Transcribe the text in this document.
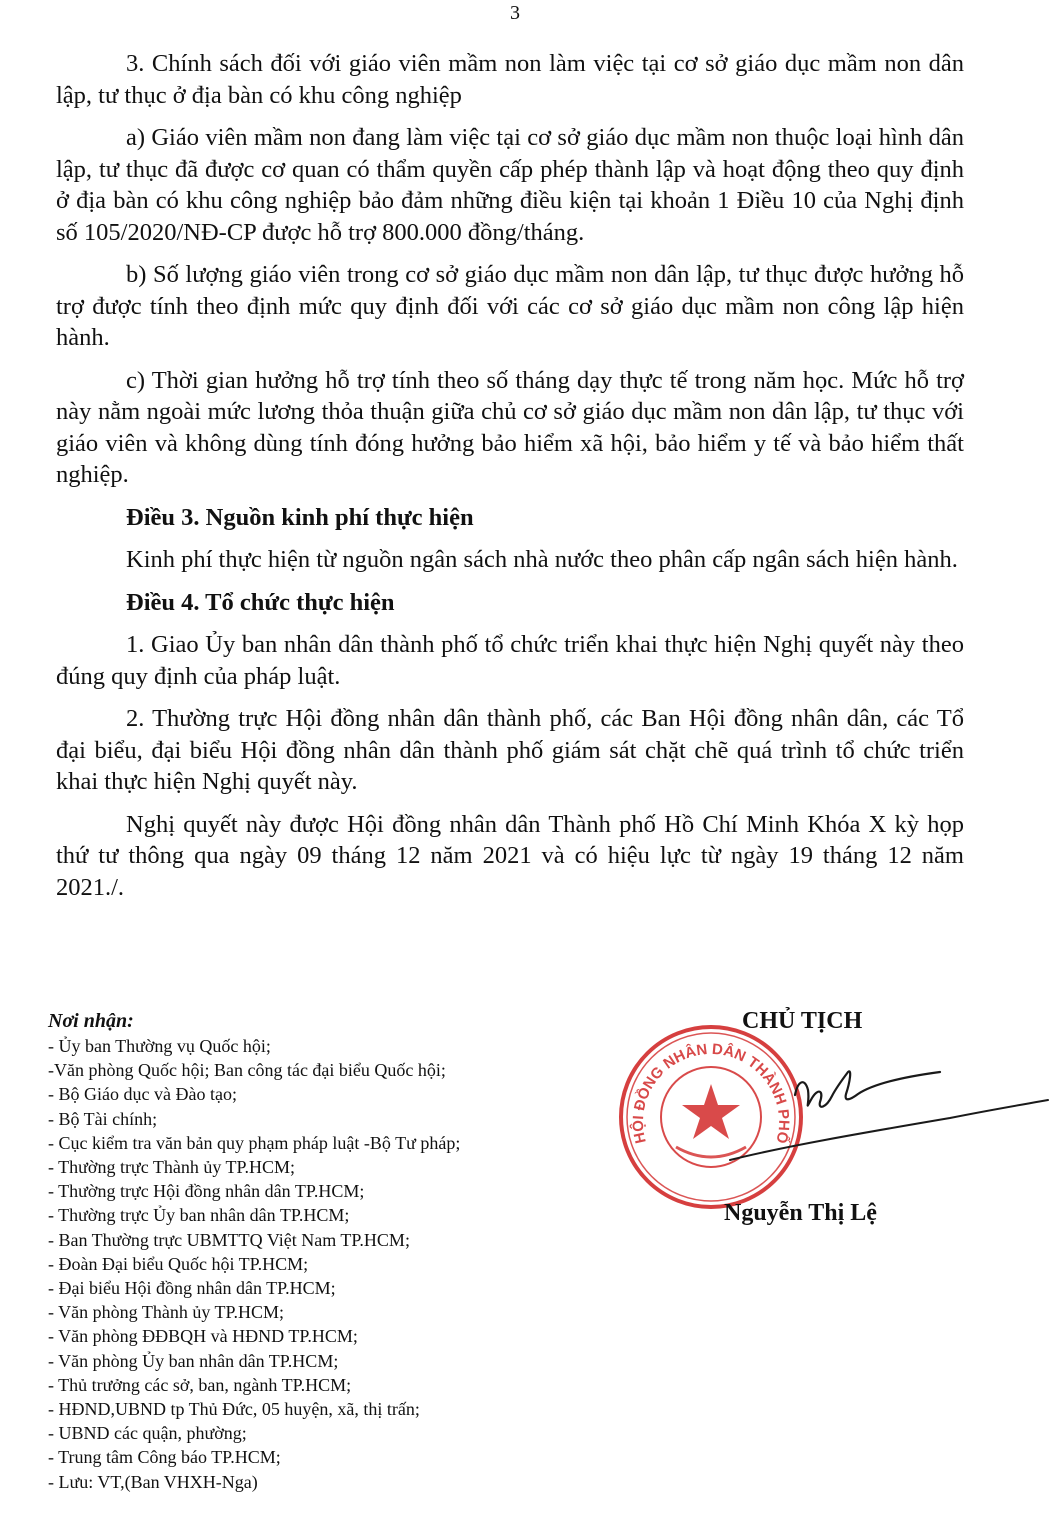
3

3. Chính sách đối với giáo viên mầm non làm việc tại cơ sở giáo dục mầm non dân lập, tư thục ở địa bàn có khu công nghiệp

a) Giáo viên mầm non đang làm việc tại cơ sở giáo dục mầm non thuộc loại hình dân lập, tư thục đã được cơ quan có thẩm quyền cấp phép thành lập và hoạt động theo quy định ở địa bàn có khu công nghiệp bảo đảm những điều kiện tại khoản 1 Điều 10 của Nghị định số 105/2020/NĐ-CP được hỗ trợ 800.000 đồng/tháng.

b) Số lượng giáo viên trong cơ sở giáo dục mầm non dân lập, tư thục được hưởng hỗ trợ được tính theo định mức quy định đối với các cơ sở giáo dục mầm non công lập hiện hành.

c) Thời gian hưởng hỗ trợ tính theo số tháng dạy thực tế trong năm học. Mức hỗ trợ này nằm ngoài mức lương thỏa thuận giữa chủ cơ sở giáo dục mầm non dân lập, tư thục với giáo viên và không dùng tính đóng hưởng bảo hiểm xã hội, bảo hiểm y tế và bảo hiểm thất nghiệp.

Điều 3. Nguồn kinh phí thực hiện

Kinh phí thực hiện từ nguồn ngân sách nhà nước theo phân cấp ngân sách hiện hành.

Điều 4. Tổ chức thực hiện

1. Giao Ủy ban nhân dân thành phố tổ chức triển khai thực hiện Nghị quyết này theo đúng quy định của pháp luật.

2. Thường trực Hội đồng nhân dân thành phố, các Ban Hội đồng nhân dân, các Tổ đại biểu, đại biểu Hội đồng nhân dân thành phố giám sát chặt chẽ quá trình tổ chức triển khai thực hiện Nghị quyết này.

Nghị quyết này được Hội đồng nhân dân Thành phố Hồ Chí Minh Khóa X kỳ họp thứ tư thông qua ngày 09 tháng 12 năm 2021 và có hiệu lực từ ngày 19 tháng 12 năm 2021./.

Nơi nhận:
- Ủy ban Thường vụ Quốc hội;
-Văn phòng Quốc hội; Ban công tác đại biểu Quốc hội;
- Bộ Giáo dục và Đào tạo;
- Bộ Tài chính;
- Cục kiểm tra văn bản quy phạm pháp luật -Bộ Tư pháp;
- Thường trực Thành ủy TP.HCM;
- Thường trực Hội đồng nhân dân TP.HCM;
- Thường trực Ủy ban nhân dân TP.HCM;
- Ban Thường trực UBMTTQ Việt Nam TP.HCM;
- Đoàn Đại biểu Quốc hội TP.HCM;
- Đại biểu Hội đồng nhân dân TP.HCM;
- Văn phòng Thành ủy TP.HCM;
- Văn phòng ĐĐBQH và HĐND TP.HCM;
- Văn phòng Ủy ban nhân dân TP.HCM;
- Thủ trưởng các sở, ban, ngành TP.HCM;
- HĐND,UBND tp Thủ Đức, 05 huyện, xã, thị trấn;
- UBND các quận, phường;
- Trung tâm Công báo TP.HCM;
- Lưu: VT,(Ban VHXH-Nga)
HỘI ĐỒNG NHÂN DÂN THÀNH PHỐ
CHỦ TỊCH
Nguyễn Thị Lệ
